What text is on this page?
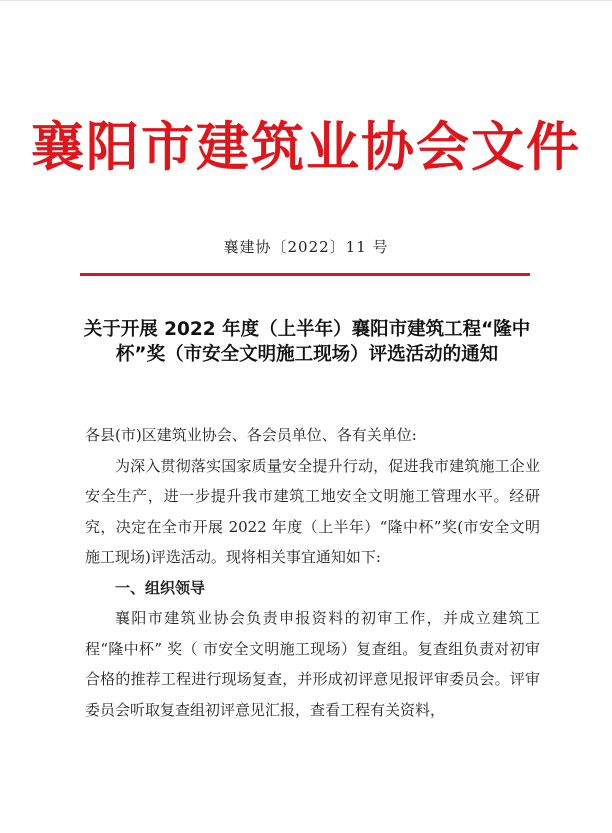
襄阳市建筑业协会文件
襄建协〔2022〕11 号
关于开展 2022 年度（上半年）襄阳市建筑工程“隆中杯”奖（市安全文明施工现场）评选活动的通知

各县(市)区建筑业协会、各会员单位、各有关单位:

为深入贯彻落实国家质量安全提升行动，促进我市建筑施工企业安全生产，进一步提升我市建筑工地安全文明施工管理水平。经研究，决定在全市开展 2022 年度（上半年）“隆中杯”奖(市安全文明施工现场)评选活动。现将相关事宜通知如下:

一、组织领导

襄阳市建筑业协会负责申报资料的初审工作，并成立建筑工程“隆中杯” 奖（ 市安全文明施工现场）复查组。复查组负责对初审合格的推荐工程进行现场复查，并形成初评意见报评审委员会。评审委员会听取复查组初评意见汇报，查看工程有关资料，
